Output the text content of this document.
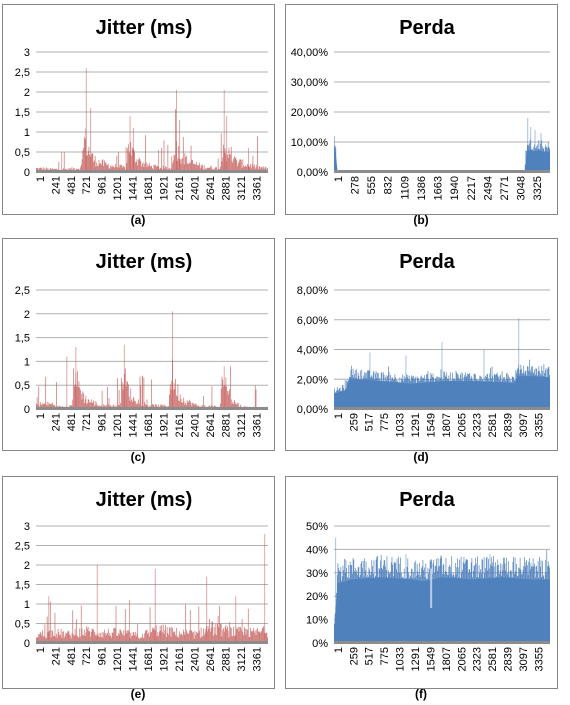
Jitter (ms)
0
0,5
1
1,5
2
2,5
3
1 241 481 721 961 1201 1441 1681 1921 2161 2401 2641 2881 3121 3361
(a)
Perda
0,00%
10,00%
20,00%
30,00%
40,00%
1 278 555 832 1109 1386 1663 1940 2217 2494 2771 3048 3325
(b)
Jitter (ms)
0
0,5
1
1,5
2
2,5
1 241 481 721 961 1201 1441 1681 1921 2161 2401 2641 2881 3121 3361
(c)
Perda
0,00%
2,00%
4,00%
6,00%
8,00%
1 259 517 775 1033 1291 1549 1807 2065 2323 2581 2839 3097 3355
(d)
Jitter (ms)
0
0,5
1
1,5
2
2,5
3
1 241 481 721 961 1201 1441 1681 1921 2161 2401 2641 2881 3121 3361
(e)
Perda
0%
10%
20%
30%
40%
50%
1 259 517 775 1033 1291 1549 1807 2065 2323 2581 2839 3097 3355
(f)
